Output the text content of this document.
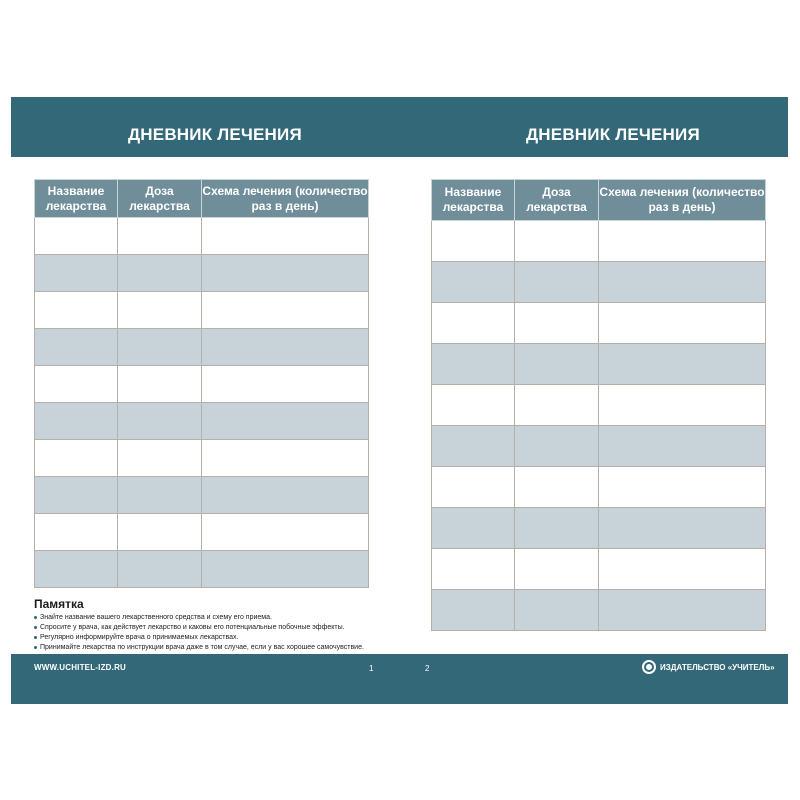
ДНЕВНИК ЛЕЧЕНИЯ	ДНЕВНИК ЛЕЧЕНИЯ
Название лекарства	Доза лекарства	Схема лечения (количество раз в день)

Название лекарства	Доза лекарства	Схема лечения (количество раз в день)

Памятка
Знайте название вашего лекарственного средства и схему его приема.
Спросите у врача, как действует лекарство и каковы его потенциальные побочные эффекты.
Регулярно информируйте врача о принимаемых лекарствах.
Принимайте лекарства по инструкции врача даже в том случае, если у вас хорошее самочувствие.
WWW.UCHITEL-IZD.RU	1	2	ИЗДАТЕЛЬСТВО «УЧИТЕЛЬ»
